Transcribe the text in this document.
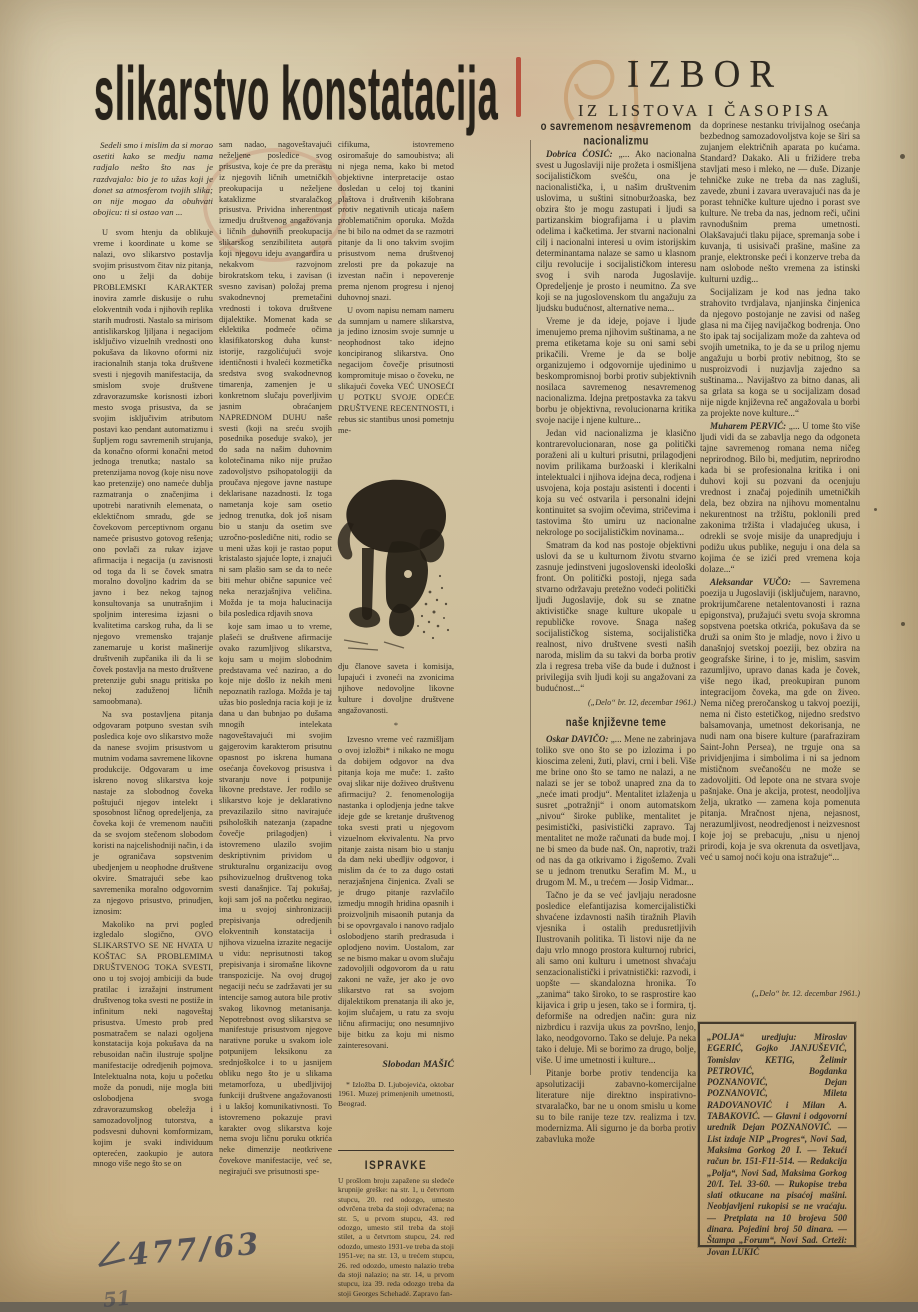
slikarstvo konstatacija

Sedeli smo i mislim da si morao osetiti kako se medju nama radjalo nešto što nas je razdvajalo: bio je to užas koji je donet sa atmosferom tvojih slika; on nije mogao da obuhvati obojicu: ti si ostao van ...

U svom htenju da oblikuje vreme i koordinate u kome se nalazi, ovo slikarstvo postavlja svojim prisustvom čitav niz pitanja, ono u želji da dobije PROBLEMSKI KARAKTER inovira zamrle diskusije o ruhu elokventnih voda i njihovih replika starih mudrosti. Nastalo sa mirisom antislikarskog ljiljana i negacijom isključivo vizuelnih vrednosti ono pokušava da likovno oformi niz iracionalnih stanja toka društvene svesti i njegovih manifestacija, da smislom svoje društvene zdravorazumske korisnosti izbori mesto svoga prisustva, da se svojim isključivim atributom postavi kao pendant automatizmu i šupljem rogu savremenih strujanja, da konačno oformi konačni metod jednoga trenutka; nastalo sa pretenzijama novog (koje nisu nove kao pretenzije) ono nameće dublja razmatranja o značenjima i upotrebi narativnih elemenata, o eklektičnom smradu, gde se čovekovom perceptivnom organu nameće prisustvo gotovog rešenja; ono povlači za rukav izjave afirmacija i negacija (u zavisnosti od toga da li se čovek smatra moralno dovoljno kadrim da se javno i bez nekog tajnog konsultovanja sa unutrašnjim i spoljnim interesima izjasni o kvalitetima carskog ruha, da li se njegovo vremensko trajanje zanemaruje u korist mašinerije društvenih zupčanika ili da li se čovek postavlja na mesto društvene pretenzije gubi snagu pritiska po nekoj zaduženoj ličnih samoobmana).

Na sva postavljena pitanja odgovaram potpuno svestan svih posledica koje ovo slikarstvo može da nanese svojim prisustvom u mutnim vodama savremene likovne produkcije. Odgovaram u ime iskreno novog slikarstva koje nastaje za slobodnog čoveka poštujući njegov intelekt i sposobnost ličnog opredeljenja, za čoveka koji će vremenom naučiti da se svojom stečenom slobodom koristi na najcelishodniji način, i da je ograničava sopstvenim ubedjenjem u neophodne društvene okvire. Smatrajući sebe kao savremenika moralno odgovornim za njegovo prisustvo, prinudjen, iznosim:

Makoliko na prvi pogled izgledalo slogično, OVO SLIKARSTVO SE NE HVATA U KOŠTAC SA PROBLEMIMA DRUŠTVENOG TOKA SVESTI, ono u toj svojoj ambiciji da bude pratilac i izražajni instrument društvenog toka svesti ne postiže in infinitum neki nagoveštaj prisustva. Umesto prob pred posmatračem se nalazi ogoljena konstatacija koja pokušava da na rebusoidan način ilustruje spoljne manifestacije odredjenih pojmova. Intelektualna nota, koju u početku može da ponudi, nije mogla biti oslobodjena svoga zdravorazumskog obeležja i samozadovoljnog tutorstva, a podsvesni duhovni komformizam, kojim je svaki individuum opterećen, zaokupio je autora mnogo više nego što se on

sam nadao, nagoveštavajući neželjene posledice svog prisustva, koje će pre da prerastu iz njegovih ličnih umetničkih preokupacija u neželjene kataklizme stvaralačkog prisustva. Prividna inherentnost izmedju društvenog angažovanja i ličnih duhovnih preokupacija slikarskog senzibiliteta autora koji njegovu ideju avangardira u nekakvom razvojnom birokratskom teku, i zavisan (i svesno zavisan) položaj prema svakodnevnoj premetačini vrednosti i tokova društvene dijalektike. Momenat kada se eklektika podmeće očima klasifikatorskog duha kunst-istorije, razgolićujući svoje identičnosti i hvaleći kozmetička sredstva svog svakodnevnog timarenja, zamenjen je u konkretnom slučaju poverljivim jasnim obraćanjem NAPREDNOM DUHU naše svesti (koji na sreću svojih posednika poseduje svako), jer do sada na našim duhovnim kolotečinama niko nije pružao zadovoljstvo psihopatologiji da proučava njegove javne nastupe deklarisane nazadnosti. Iz toga nametanja koje sam osetio jednog trenutka, dok još nisam bio u stanju da osetim sve uzročno-posledične niti, rodio se u meni užas koji je rastao poput kristalasto sjajuće lopte, i znajući ni sam plašio sam se da to neće biti mehur obične sapunice već neka nerazjašnjiva veličina. Možda je ta moja halucinacija bila posledica rdjavih snova

koje sam imao u to vreme, plašeći se društvene afirmacije ovako razumljivog slikarstva, koju sam u mojim slobodnim predstavama već nazirao, a do koje nije došlo iz nekih meni nepoznatih razloga. Možda je taj užas bio poslednja racia koji je iz dana u dan bubnjao po dušama mnogih intelekata nagoveštavajući mi svojim gajgerovim karakterom prisutnu opasnost po iskrena humana osećanja čovekovog prisustva i stvaranju nove i potpunije likovne predstave. Jer rodilo se slikarstvo koje je deklarativno prevazilazilo sitno navirajuće psiholoških natezanja (zapadne čovečje prilagodjen) i istovremeno ulazilo svojim deskriptivnim prividom u strukturalnu organizaciju ovog psihovizuelnog društvenog toka svesti današnjice. Taj pokušaj, koji sam još na početku negirao, ima u svojoj sinhronizaciji prepisivanja odredjenih elokventnih konstatacija i njihova vizuelna izrazite negacije u vidu: neprisutnosti takog prepisivanja i siromašne likovne transpozicije. Na ovoj drugoj negaciji neću se zadržavati jer su intencije samog autora bile protiv svakog likovnog metanisanja. Nepotrebnost ovog slikarstva se manifestuje prisustvom njegove narativne poruke u svakom iole potpunijem leksikonu za srednjoškolce i to u jasnijem obliku nego što je u slikama metamorfoza, u ubedljivijoj funkciji društvene angažovanosti i u lakšoj komunikativnosti. To istovremeno pokazuje pravi karakter ovog slikarstva koje nema svoju ličnu poruku otkrića neke dimenzije neotkrivene čovekove manifestacije, već se, negirajući sve prisutnosti spe-

cifikuma, istovremeno osiromašuje do samoubistva; ali ni njega nema, kako bi metod objektivne interpretacije ostao dosledan u celoj toj tkanini plaštova i društvenih kišobrana protiv negativnih uticaja našem problematičnim oporuka. Možda ne bi bilo na odmet da se razmotri pitanje da li ono takvim svojim prisustvom nema društvenoj zrelosti pre da pokazuje na izvestan način i nepoverenje prema njenom progresu i njenoj duhovnoj snazi.

U ovom napisu nemam nameru da sumnjam u namere slikarstva, ja jedino iznosim svoje sumnje u neophodnost tako idejno koncipiranog slikarstva. Ono negacijom čovečje prisutnosti kompromituje misao o čoveku, ne slikajući čoveka VEĆ UNOSEĆI U POTKU SVOJE ODEĆE DRUŠTVENE RECENTNOSTI, i rebus sic stantibus unosi pometnju me-

dju članove saveta i komisija, lupajući i zvoneći na zvonicima njihove nedovoljne likovne kulture i dovoljne društvene angažovanosti.

*

Izvesno vreme već razmišljam o ovoj izložbi* i nikako ne mogu da dobijem odgovor na dva pitanja koja me muče: 1. zašto ovaj slikar nije doživeo društvenu afirmaciju? 2. fenomenologija nastanka i oplodjenja jedne takve ideje gde se kretanje društvenog toka svesti prati u njegovom vizuelnom ekvivalentu. Na prvo pitanje zaista nisam bio u stanju da dam neki ubedljiv odgovor, i mislim da će to za dugo ostati nerazjašnjena činjenica. Zvali se je drugo pitanje razvlačilo izmedju mnogih hridina opasnih i proizvoljnih misaonih putanja da bi se opovrgavalo i nanovo radjalo oslobodjeno starih predrasuda i oplodjeno novim. Uostalom, zar se ne bismo makar u ovom slučaju zadovoljili odgovorom da u ratu zakoni ne važe, jer ako je ovo slikarstvo rat sa svojom dijalektikom prenatanja ili ako je, kojim slučajem, u ratu za svoju ličnu afirmaciju; ono nesumnjivo bije bitku za koju mi nismo zainteresovani.

Slobodan MAŠIĆ

* Izložba D. Ljubojevića, oktobar 1961. Muzej primenjenih umetnosti, Beograd.

ISPRAVKE
U prošlom broju zapažene su sledeće krupnije greške: na str. 1, u četvrtom stupcu, 20. red odozgo, umesto odvrčena treba da stoji odvraćena; na str. 5, u prvom stupcu, 43. red odozgo, umesto stil treba da stoji stilet, a u četvrtom stupcu, 24. red odozdo, umesto 1931-ve treba da stoji 1951-ve; na str. 13, u trećem stupcu, 26. red odozdo, umesto nalazio treba da stoji nalazio; na str. 14, u prvom stupcu, iza 39. reda odozgo treba da stoji Georges Schehadé. Zapravo fan-
477/63
51
IZBOR
IZ LISTOVA I ČASOPISA
o savremenom nesavremenom nacionalizmu

Dobrica ĆOSIĆ: „... Ako nacionalna svest u Jugoslaviji nije prožeta i osmišljena socijalističkom svešću, ona je nacionalistička, i, u našim društvenim uslovima, u suštini sitnoburžoaska, bez obzira što je mogu zastupati i ljudi sa partizanskim biografijama i u plavim odelima i kačketima. Jer stvarni nacionalni cilj i nacionalni interesi u ovim istorijskim determinantama nalaze se samo u klasnom cilju revolucije i socijalističkom interesu svog i svih naroda Jugoslavije. Opredeljenje je prosto i neumitno. Za sve koji se na jugoslovenskom tlu angažuju za ljudsku budućnost, alternative nema...

Vreme je da ideje, pojave i ljude imenujemo prema njihovim suštinama, a ne prema etiketama koje su oni sami sebi prikačili. Vreme je da se bolje organizujemo i odgovornije ujedinimo u beskompromisnoj borbi protiv subjektivnih nosilaca savremenog nesavremenog nacionalizma. Idejna pretpostavka za takvu borbu je objektivna, revolucionarna kritika svoje nacije i njene kulture...

Jedan vid nacionalizma je klasično kontrarevolucionaran, nose ga politički poraženi ali u kulturi prisutni, prilagodjeni novim prilikama buržoaski i klerikalni intelektualci i njihova idejna deca, rodjena i usvojena, koja postaju asistenti i docenti i koja su već ostvarila i personalni idejni kontinuitet sa svojim očevima, stričevima i tastovima što umiru uz nacionalne nekrologe po socijalističkim novinama...

Smatram da kod nas postoje objektivni uslovi da se u kulturnom životu stvarno zasnuje jedinstveni jugoslovenski ideološki front. On politički postoji, njega sada stvarno održavaju pretežno vodeći politički ljudi Jugoslavije, dok su se znatne aktivističke snage kulture ukopale u republičke rovove. Snaga našeg socijalističkog sistema, socijalistička realnost, nivo društvene svesti naših naroda, mislim da su takvi da borba protiv zla i regresa treba više da bude i dužnost i privilegija svih ljudi koji su angažovani za budućnost...“

(„Delo“ br. 12, decembar 1961.)

naše književne teme

Oskar DAVIČO: „... Mene ne zabrinjava toliko sve ono što se po izlozima i po kioscima zeleni, žuti, plavi, crni i beli. Više me brine ono što se tamo ne nalazi, a ne nalazi se jer se tobož unapred zna da to „neće imati prodju“. Mentalitet izlaženja u susret „potražnji“ i onom automatskom „nivou“ široke publike, mentalitet je pesimistički, pasivistički zapravo. Taj mentalitet ne može računati da bude moj. I ne bi smeo da bude naš. On, naprotiv, traži od nas da ga otkrivamo i žigošemo. Zvali se u jednom trenutku Serafim M. M., u drugom M. M., u trećem — Josip Vidmar...

Tačno je da se već javljaju neradosne posledice elefantijazisa komercijalistički shvaćene izdavnosti naših tiražnih Plavih vjesnika i ostalih predusretljivih Ilustrovanih politika. Ti listovi nije da ne daju vrlo mnogo prostora kulturnoj rubrici, ali samo oni kulturu i umetnost shvaćaju senzacionalistički i privatnistički: razvodi, i uopšte — skandalozna hronika. To „zanima“ tako široko, to se rasprostire kao kijavica i grip u jesen, tako se i formira, tj. deformiše na odredjen način: gura niz nizbrdicu i razvija ukus za površno, lenjo, lako, neodgovorno. Tako se deluje. Pa neka tako i deluje. Mi se borimo za drugo, bolje, više. U ime umetnosti i kulture...

Pitanje borbe protiv tendencija ka apsolutizaciji zabavno-komercijalne literature nije direktno inspirativno-stvaralačko, bar ne u onom smislu u kome su to bile ranije teze tzv. realizma i tzv. modernizma. Ali sigurno je da borba protiv zabavluka može

da doprinese nestanku trivijalnog osećanja bezbednog samozadovoljstva koje se širi sa zujanjem električnih aparata po kućama. Standard? Dakako. Ali u frižidere treba stavljati meso i mleko, ne — duše. Dizanje tehničke zuke ne treba da nas zagluši, zavede, zbuni i zavara uveravajući nas da je porast tehničke kulture ujedno i porast sve kulture. Ne treba da nas, jednom reči, učini ravnodušnim prema umetnosti. Olakšavajući tlaku pijace, spremanja sobe i kuvanja, ti usisivači prašine, mašine za pranje, elektronske peći i konzerve treba da nam oslobode nešto vremena za istinski kulturni uzdig...

Socijalizam je kod nas jedna tako strahovito tvrdjalava, njanjinska činjenica da njegovo postojanje ne zavisi od našeg glasa ni ma čijeg navijačkog bodrenja. Ono što ipak taj socijalizam može da zahteva od svojih umetnika, to je da se u prilog njemu angažuju u borbi protiv nebitnog, što se nusproizvodi i nuzjavlja zajedno sa suštinama... Navijaštvo za bitno danas, ali sa grlata sa koga se u socijalizam dosad nije nigde književna reč angažovala u borbi za projekte nove kulture...“

Muharem PERVIĆ: „... U tome što više ljudi vidi da se zabavlja nego da odgoneta tajne savremenog romana nema ničeg neprirodnog. Bilo bi, medjutim, neprirodno kada bi se profesionalna kritika i oni duhovi koji su pozvani da ocenjuju vrednost i značaj pojedinih umetničkih dela, bez obzira na njihovu momentalnu nekurentnost na tržištu, poklonili pred zakonima tržišta i vladajućeg ukusa, i odrekli se svoje misije da unapredjuju i podižu ukus publike, neguju i ona dela sa kojima će se izići pred vremena koja dolaze...“

Aleksandar VUČO: — Savremena poezija u Jugoslaviji (isključujem, naravno, prokrijumčarene netalentovanosti i razna epigonstva), pružajući svetu svoja skromna sopstvena poetska otkrića, pokušava da se druži sa onim što je mladje, novo i živo u današnjoj svetskoj poeziji, bez obzira na geografske širine, i to je, mislim, sasvim razumljivo, upravo danas kada je čovek, više nego ikad, preokupiran punom integracijom čoveka, ma gde on živeo. Nema ničeg preročanskog u takvoj poeziji, nema ni čisto estetičkog, nijedno sredstvo balsamovanja, umetnost dekorisanja, ne nudi nam ona bisere kulture (parafraziram Saint-John Persea), ne trguje ona sa prividjenjima i simbolima i ni sa jednom mističnom svečanošću ne može se zadovoljiti. Od lepote ona ne stvara svoje pašnjake. Ona je akcija, protest, neodoljiva želja, ukratko — zamena koja pomenuta pitanja. Mračnost njena, nejasnost, nerazumljivost, neodredjenost i neizvesnost koje joj se prebacuju, „nisu u njenoj prirodi, koja je sva okrenuta da osvetljava, već u samoj noći koju ona istražuje“...

(„Delo“ br. 12. decembar 1961.)

„POLJA“ uredjuju: Miroslav EGERIĆ, Gojko JANJUŠEVIĆ, Tomislav KETIG, Želimir PETROVIĆ, Bogdanka POZNANOVIĆ, Dejan POZNANOVIĆ, Mileta RADOVANOVIĆ i Milan A. TABAKOVIĆ. — Glavni i odgovorni urednik Dejan POZNANOVIĆ. — List izdaje NIP „Progres“, Novi Sad, Maksima Gorkog 20 I. — Tekući račun br. 151-F11-514. — Redakcija „Polja“, Novi Sad, Maksima Gorkog 20/I. Tel. 33-60. — Rukopise treba slati otkucane na pisaćoj mašini. Neobjavljeni rukopisi se ne vraćaju. — Pretplata na 10 brojeva 500 dinara. Pojedini broj 50 dinara. — Štampa „Forum“, Novi Sad. Crteži: Jovan LUKIĆ
